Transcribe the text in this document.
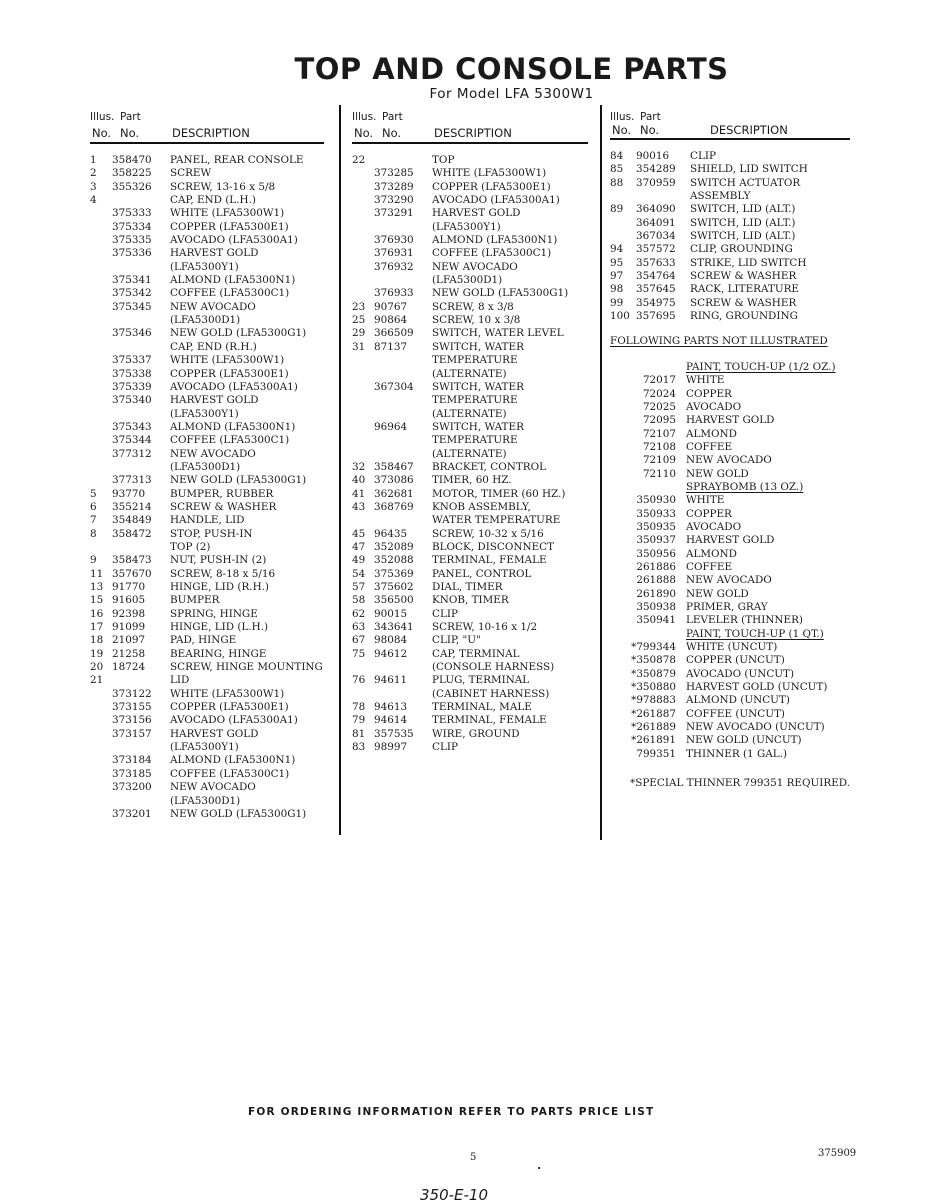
TOP AND CONSOLE PARTS
For Model LFA 5300W1
Illus. Part
No. No.	DESCRIPTION
1	358470	PANEL, REAR CONSOLE
2	358225	SCREW
3	355326	SCREW, 13-16 x 5/8
4	CAP, END (L.H.)
375333	WHITE (LFA5300W1)
375334	COPPER (LFA5300E1)
375335	AVOCADO (LFA5300A1)
375336	HARVEST GOLD
(LFA5300Y1)
375341	ALMOND (LFA5300N1)
375342	COFFEE (LFA5300C1)
375345	NEW AVOCADO
(LFA5300D1)
375346	NEW GOLD (LFA5300G1)
CAP, END (R.H.)
375337	WHITE (LFA5300W1)
375338	COPPER (LFA5300E1)
375339	AVOCADO (LFA5300A1)
375340	HARVEST GOLD
(LFA5300Y1)
375343	ALMOND (LFA5300N1)
375344	COFFEE (LFA5300C1)
377312	NEW AVOCADO
(LFA5300D1)
377313	NEW GOLD (LFA5300G1)
5	93770	BUMPER, RUBBER
6	355214	SCREW & WASHER
7	354849	HANDLE, LID
8	358472	STOP, PUSH-IN
TOP (2)
9	358473	NUT, PUSH-IN (2)
11 357670	SCREW, 8-18 x 5/16
13 91770	HINGE, LID (R.H.)
15 91605	BUMPER
16 92398	SPRING, HINGE
17 91099	HINGE, LID (L.H.)
18 21097	PAD, HINGE
19 21258	BEARING, HINGE
20 18724	SCREW, HINGE MOUNTING
21	LID
373122	WHITE (LFA5300W1)
373155	COPPER (LFA5300E1)
373156	AVOCADO (LFA5300A1)
373157	HARVEST GOLD
(LFA5300Y1)
373184	ALMOND (LFA5300N1)
373185	COFFEE (LFA5300C1)
373200	NEW AVOCADO
(LFA5300D1)
373201	NEW GOLD (LFA5300G1)
Illus. Part
No. No.	DESCRIPTION
22	TOP
373285	WHITE (LFA5300W1)
373289	COPPER (LFA5300E1)
373290	AVOCADO (LFA5300A1)
373291	HARVEST GOLD
(LFA5300Y1)
376930	ALMOND (LFA5300N1)
376931	COFFEE (LFA5300C1)
376932	NEW AVOCADO
(LFA5300D1)
376933	NEW GOLD (LFA5300G1)
23 90767	SCREW, 8 x 3/8
25 90864	SCREW, 10 x 3/8
29 366509	SWITCH, WATER LEVEL
31 87137	SWITCH, WATER
TEMPERATURE
(ALTERNATE)
367304	SWITCH, WATER
TEMPERATURE
(ALTERNATE)
96964	SWITCH, WATER
TEMPERATURE
(ALTERNATE)
32 358467	BRACKET, CONTROL
40 373086	TIMER, 60 HZ.
41 362681	MOTOR, TIMER (60 HZ.)
43 368769	KNOB ASSEMBLY,
WATER TEMPERATURE
45 96435	SCREW, 10-32 x 5/16
47 352089	BLOCK, DISCONNECT
49 352088	TERMINAL, FEMALE
54 375369	PANEL, CONTROL
57 375602	DIAL, TIMER
58 356500	KNOB, TIMER
62 90015	CLIP
63 343641	SCREW, 10-16 x 1/2
67 98084	CLIP, "U"
75 94612	CAP, TERMINAL
(CONSOLE HARNESS)
76 94611	PLUG, TERMINAL
(CABINET HARNESS)
78 94613	TERMINAL, MALE
79 94614	TERMINAL, FEMALE
81 357535	WIRE, GROUND
83 98997	CLIP
Illus. Part
No. No.	DESCRIPTION
84	90016	CLIP
85	354289	SHIELD, LID SWITCH
88	370959	SWITCH ACTUATOR
ASSEMBLY
89	364090	SWITCH, LID (ALT.)
364091	SWITCH, LID (ALT.)
367034	SWITCH, LID (ALT.)
94	357572	CLIP, GROUNDING
95	357633	STRIKE, LID SWITCH
97	354764	SCREW & WASHER
98	357645	RACK, LITERATURE
99	354975	SCREW & WASHER
100 357695	RING, GROUNDING
FOLLOWING PARTS NOT ILLUSTRATED
PAINT, TOUCH-UP (1/2 OZ.)
72017 WHITE
72024 COPPER
72025 AVOCADO
72095 HARVEST GOLD
72107 ALMOND
72108 COFFEE
72109 NEW AVOCADO
72110 NEW GOLD
SPRAYBOMB (13 OZ.)
350930 WHITE
350933 COPPER
350935 AVOCADO
350937 HARVEST GOLD
350956 ALMOND
261886 COFFEE
261888 NEW AVOCADO
261890 NEW GOLD
350938 PRIMER, GRAY
350941 LEVELER (THINNER)
PAINT, TOUCH-UP (1 QT.)
*799344 WHITE (UNCUT)
*350878 COPPER (UNCUT)
*350879 AVOCADO (UNCUT)
*350880 HARVEST GOLD (UNCUT)
*978883 ALMOND (UNCUT)
*261887 COFFEE (UNCUT)
*261889 NEW AVOCADO (UNCUT)
*261891 NEW GOLD (UNCUT)
799351 THINNER (1 GAL.)
*SPECIAL THINNER 799351 REQUIRED.
FOR ORDERING INFORMATION REFER TO PARTS PRICE LIST
5	375909
350-E-10
